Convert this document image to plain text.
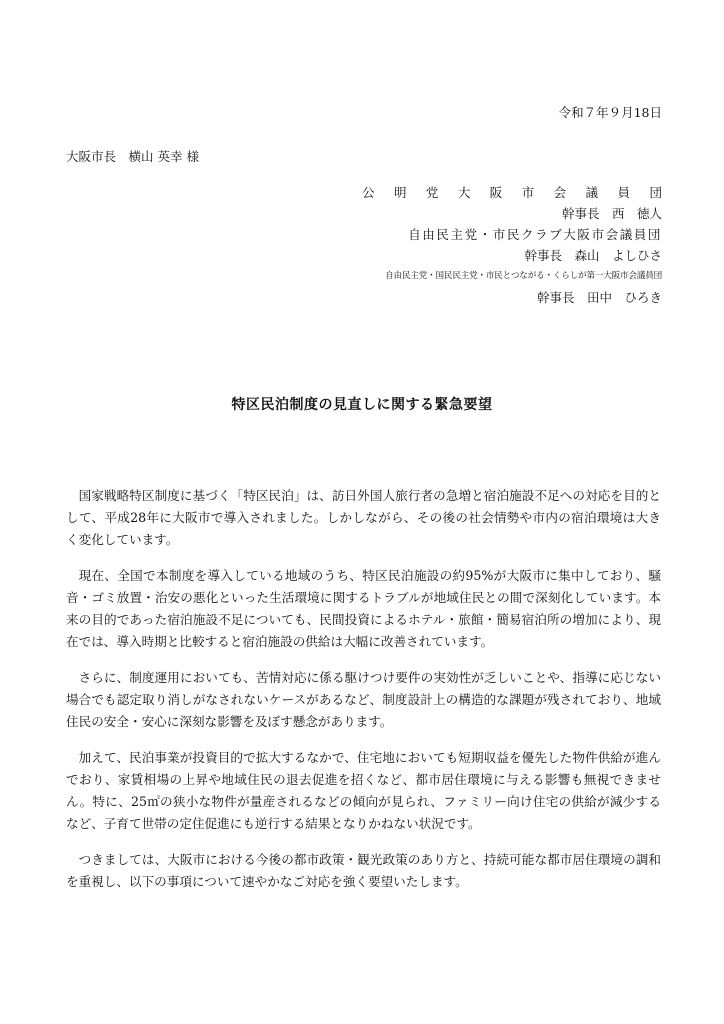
令和７年９月18日
大阪市長　横山 英幸 様
公 明 党 大 阪 市 会 議 員 団
幹事長　西　徳人
自由民主党・市民クラブ大阪市会議員団
幹事長　森山　よしひさ
自由民主党・国民民主党・市民とつながる・くらしが第一大阪市会議員団
幹事長　田中　ひろき
特区民泊制度の見直しに関する緊急要望

国家戦略特区制度に基づく「特区民泊」は、訪日外国人旅行者の急増と宿泊施設不足への対応を目的として、平成28年に大阪市で導入されました。しかしながら、その後の社会情勢や市内の宿泊環境は大きく変化しています。

現在、全国で本制度を導入している地域のうち、特区民泊施設の約95%が大阪市に集中しており、騒音・ゴミ放置・治安の悪化といった生活環境に関するトラブルが地域住民との間で深刻化しています。本来の目的であった宿泊施設不足についても、民間投資によるホテル・旅館・簡易宿泊所の増加により、現在では、導入時期と比較すると宿泊施設の供給は大幅に改善されています。

さらに、制度運用においても、苦情対応に係る駆けつけ要件の実効性が乏しいことや、指導に応じない場合でも認定取り消しがなされないケースがあるなど、制度設計上の構造的な課題が残されており、地域住民の安全・安心に深刻な影響を及ぼす懸念があります。

加えて、民泊事業が投資目的で拡大するなかで、住宅地においても短期収益を優先した物件供給が進んでおり、家賃相場の上昇や地域住民の退去促進を招くなど、都市居住環境に与える影響も無視できません。特に、25㎡の狭小な物件が量産されるなどの傾向が見られ、ファミリー向け住宅の供給が減少するなど、子育て世帯の定住促進にも逆行する結果となりかねない状況です。

つきましては、大阪市における今後の都市政策・観光政策のあり方と、持続可能な都市居住環境の調和を重視し、以下の事項について速やかなご対応を強く要望いたします。
